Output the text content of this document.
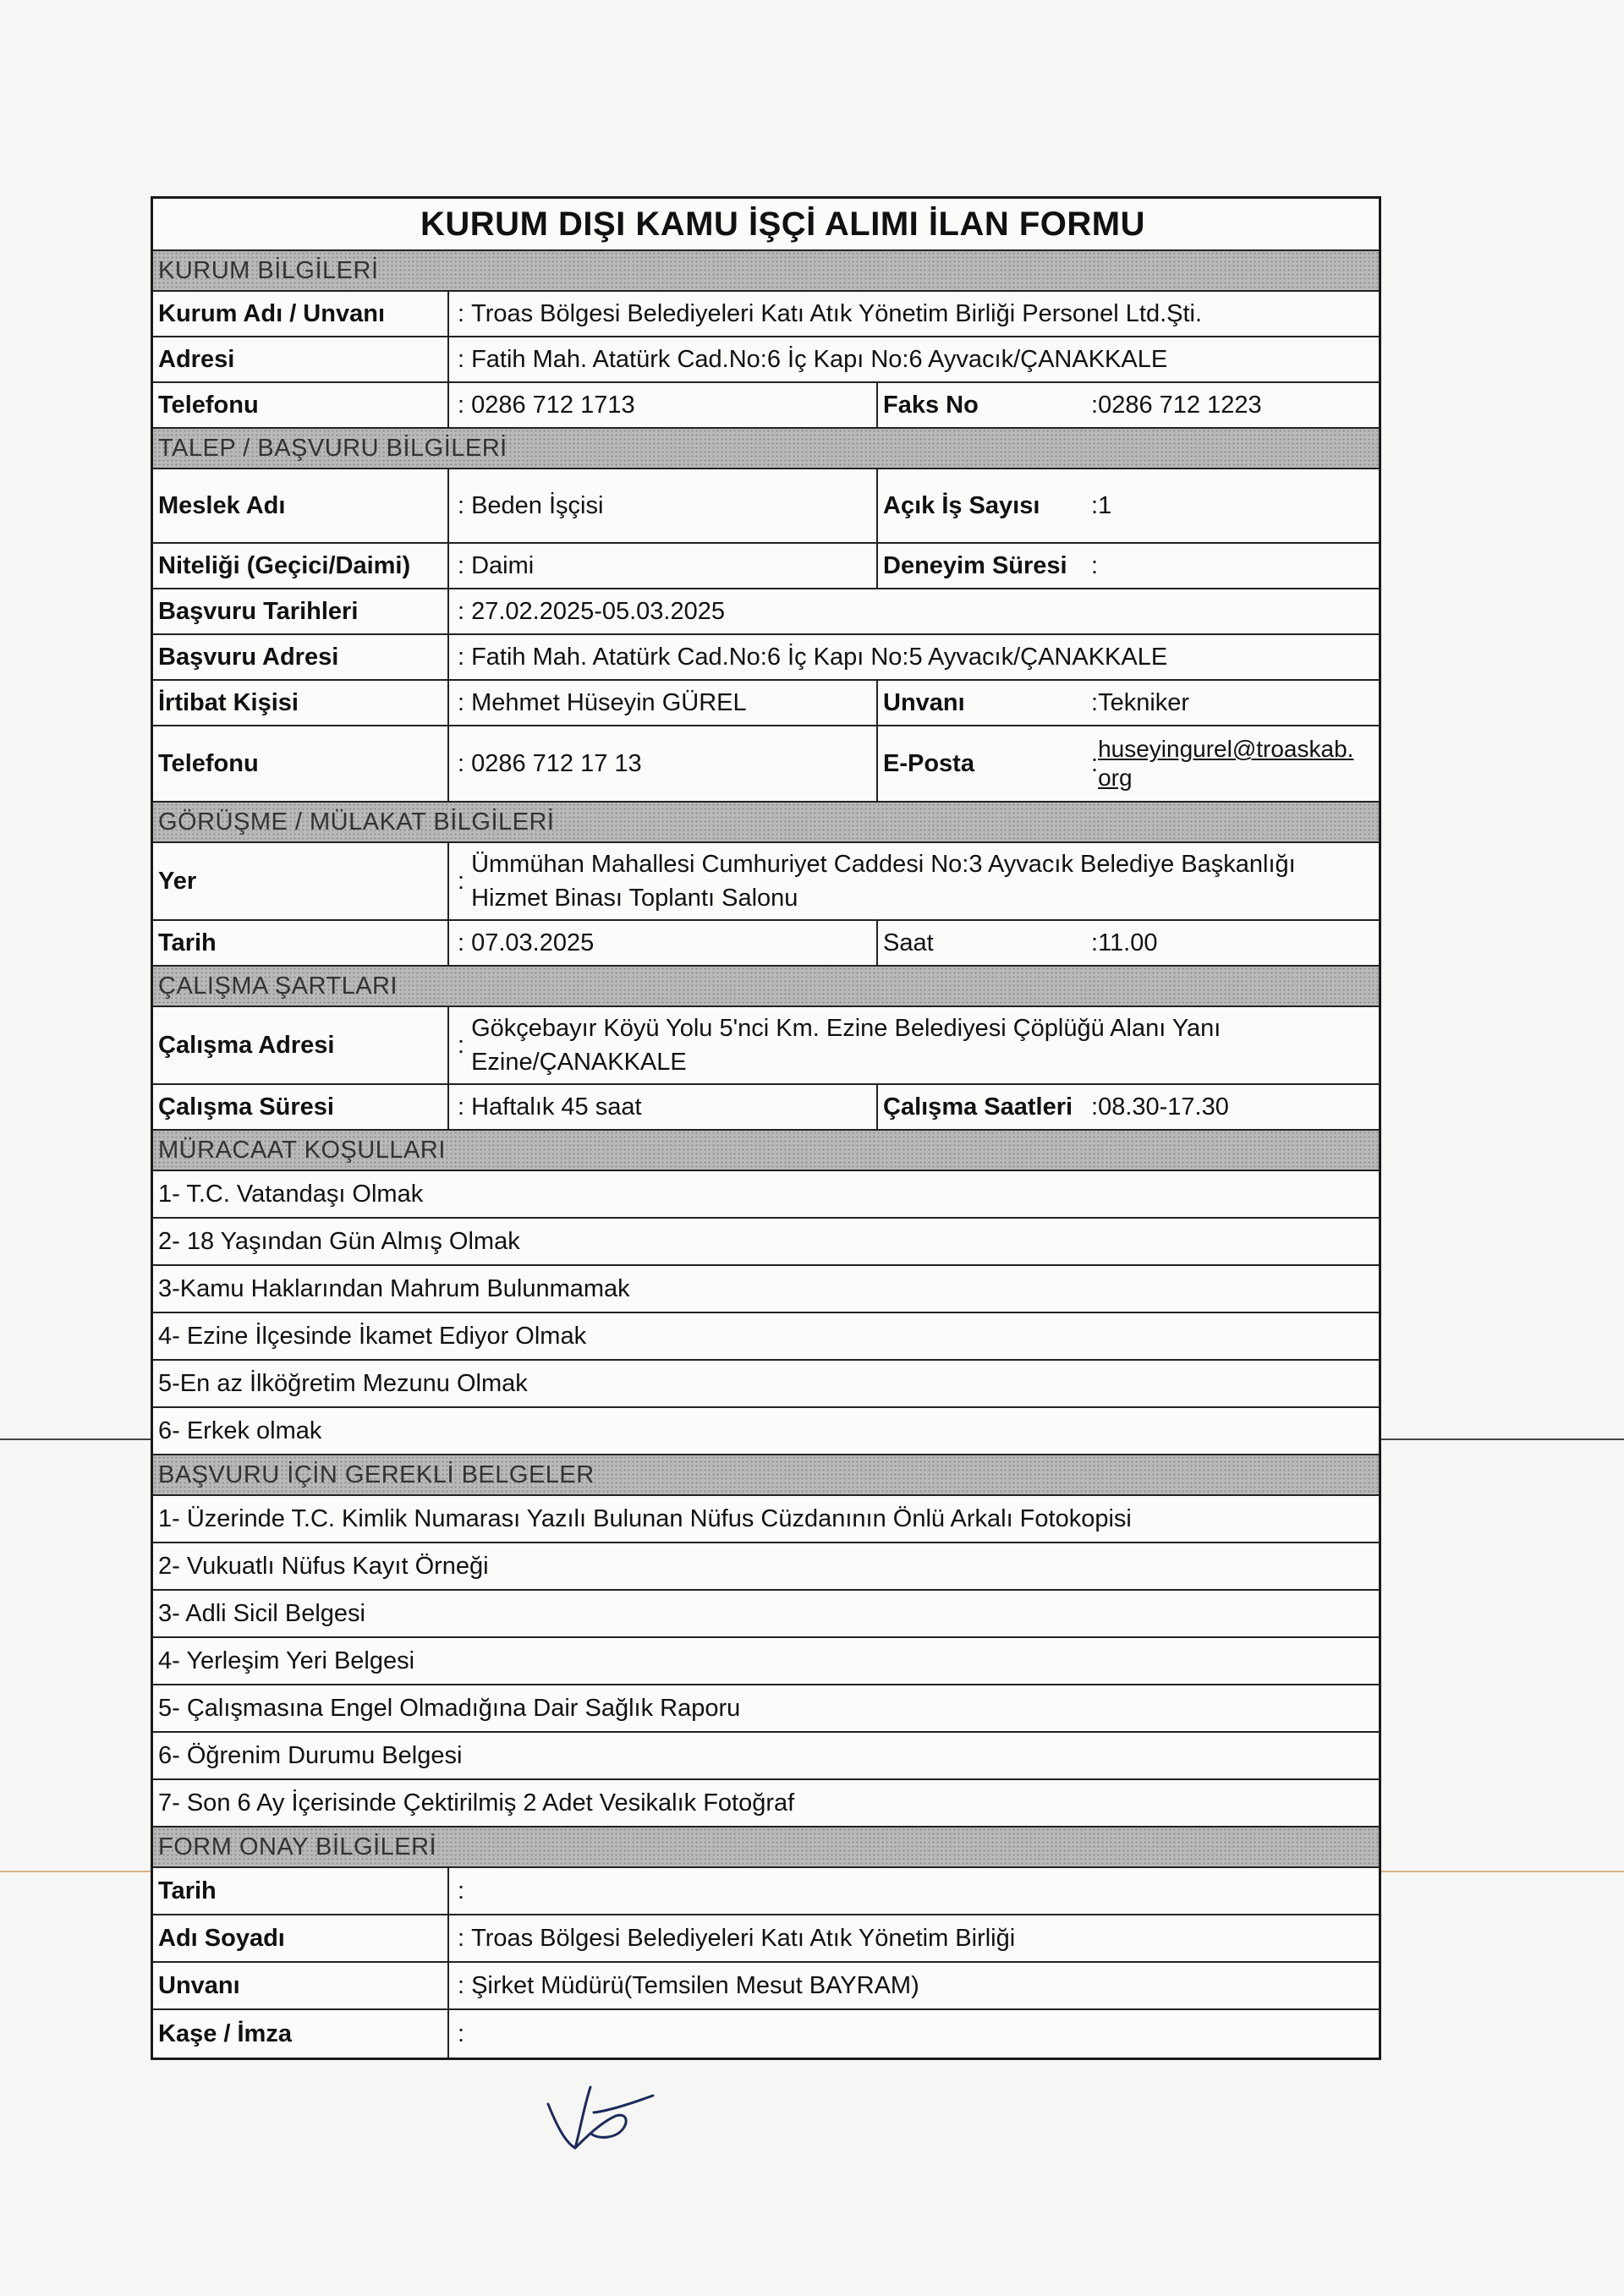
KURUM DIŞI KAMU İŞÇİ ALIMI İLAN FORMU
KURUM BİLGİLERİ
Kurum Adı / Unvanı	: Troas Bölgesi Belediyeleri Katı Atık Yönetim Birliği Personel Ltd.Şti.
Adresi	: Fatih Mah. Atatürk Cad.No:6 İç Kapı No:6 Ayvacık/ÇANAKKALE
Telefonu	: 0286 712 1713	Faks No	: 0286 712 1223
TALEP / BAŞVURU BİLGİLERİ
Meslek Adı	: Beden İşçisi	Açık İş Sayısı	: 1
Niteliği (Geçici/Daimi)	: Daimi	Deneyim Süresi :
Başvuru Tarihleri	: 27.02.2025-05.03.2025
Başvuru Adresi	: Fatih Mah. Atatürk Cad.No:6 İç Kapı No:5 Ayvacık/ÇANAKKALE
İrtibat Kişisi	: Mehmet Hüseyin GÜREL	Unvanı	: Tekniker
Telefonu	: 0286 712 17 13	E-Posta	:
huseyingurel@troaskab.
org
GÖRÜŞME / MÜLAKAT BİLGİLERİ
Yer	:
Ümmühan Mahallesi Cumhuriyet Caddesi No:3 Ayvacık Belediye Başkanlığı
Hizmet Binası Toplantı Salonu
Tarih	: 07.03.2025	Saat	: 11.00
ÇALIŞMA ŞARTLARI
Çalışma Adresi	:
Gökçebayır Köyü Yolu 5'nci Km. Ezine Belediyesi Çöplüğü Alanı Yanı
Ezine/ÇANAKKALE
Çalışma Süresi	: Haftalık 45 saat	Çalışma Saatleri : 08.30-17.30
MÜRACAAT KOŞULLARI
1- T.C. Vatandaşı Olmak
2- 18 Yaşından Gün Almış Olmak
3-Kamu Haklarından Mahrum Bulunmamak
4- Ezine İlçesinde İkamet Ediyor Olmak
5-En az İlköğretim Mezunu Olmak
6- Erkek olmak
BAŞVURU İÇİN GEREKLİ BELGELER
1- Üzerinde T.C. Kimlik Numarası Yazılı Bulunan Nüfus Cüzdanının Önlü Arkalı Fotokopisi
2- Vukuatlı Nüfus Kayıt Örneği
3- Adli Sicil Belgesi
4- Yerleşim Yeri Belgesi
5- Çalışmasına Engel Olmadığına Dair Sağlık Raporu
6- Öğrenim Durumu Belgesi
7- Son 6 Ay İçerisinde Çektirilmiş 2 Adet Vesikalık Fotoğraf
FORM ONAY BİLGİLERİ
Tarih	:
Adı Soyadı	: Troas Bölgesi Belediyeleri Katı Atık Yönetim Birliği
Unvanı	: Şirket Müdürü(Temsilen Mesut BAYRAM)
Kaşe / İmza	:
